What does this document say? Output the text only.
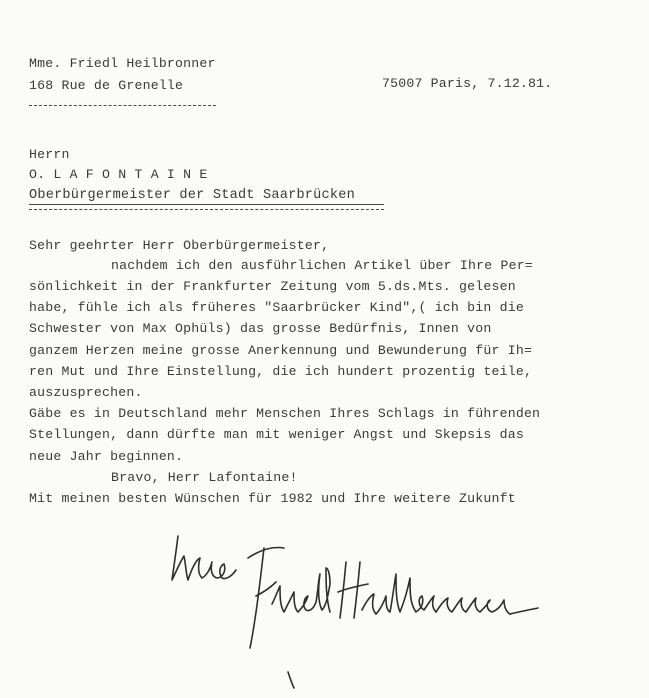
Mme. Friedl Heilbronner
168 Rue de Grenelle	75007 Paris, 7.12.81.
Herrn
O. L A F O N T A I N E
Oberbürgermeister der Stadt Saarbrücken
Sehr geehrter Herr Oberbürgermeister,
nachdem ich den ausführlichen Artikel über Ihre Per=
sönlichkeit in der Frankfurter Zeitung vom 5.ds.Mts. gelesen
habe, fühle ich als früheres "Saarbrücker Kind",( ich bin die
Schwester von Max Ophüls) das grosse Bedürfnis, Innen von
ganzem Herzen meine grosse Anerkennung und Bewunderung für Ih=
ren Mut und Ihre Einstellung, die ich hundert prozentig teile,
auszusprechen.
Gäbe es in Deutschland mehr Menschen Ihres Schlags in führenden
Stellungen, dann dürfte man mit weniger Angst und Skepsis das
neue Jahr beginnen.
Bravo, Herr Lafontaine!
Mit meinen besten Wünschen für 1982 und Ihre weitere Zukunft
